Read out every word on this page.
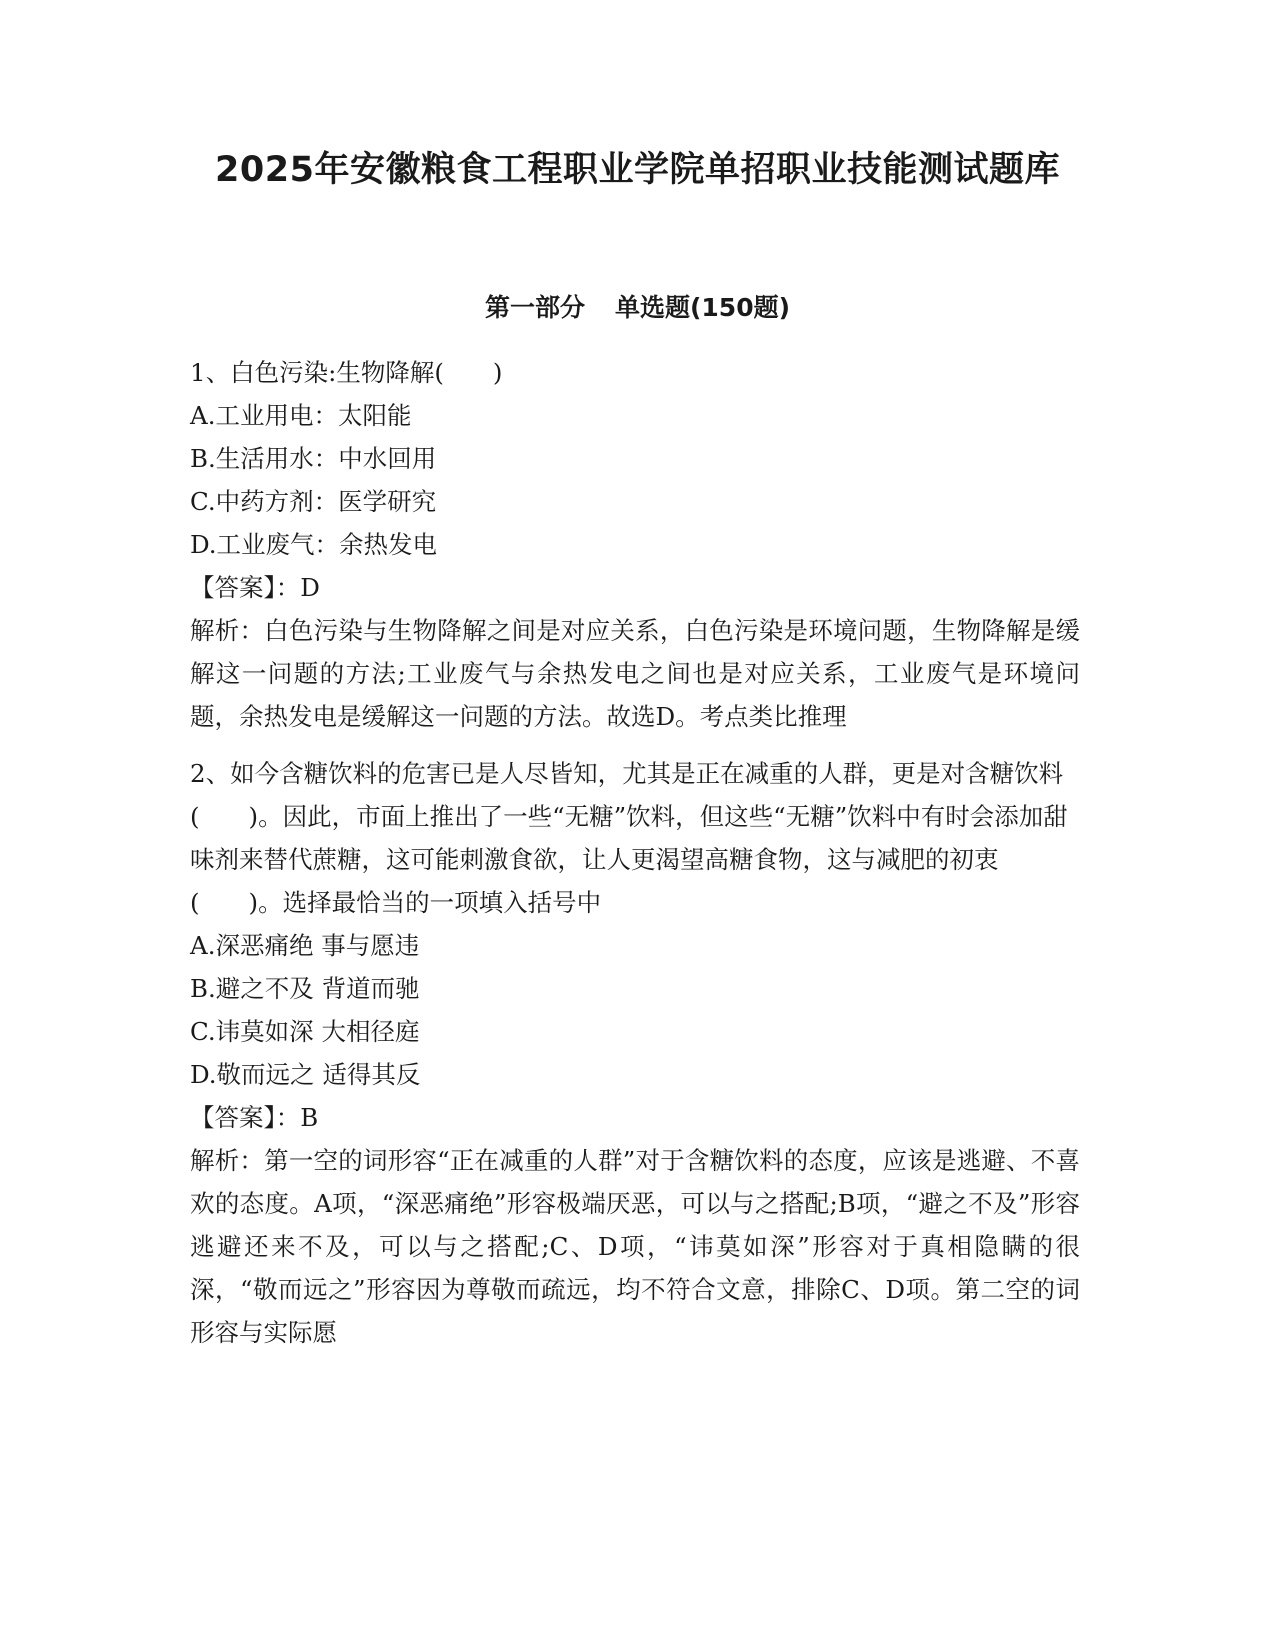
2025年安徽粮食工程职业学院单招职业技能测试题库
第一部分 单选题(150题)

1、白色污染:生物降解(　　)

A.工业用电：太阳能

B.生活用水：中水回用

C.中药方剂：医学研究

D.工业废气：余热发电

【答案】：D

解析：白色污染与生物降解之间是对应关系，白色污染是环境问题，生物降解是缓解这一问题的方法;工业废气与余热发电之间也是对应关系，工业废气是环境问题，余热发电是缓解这一问题的方法。故选D。考点类比推理

2、如今含糖饮料的危害已是人尽皆知，尤其是正在减重的人群，更是对含糖饮料(　　)。因此，市面上推出了一些“无糖”饮料，但这些“无糖”饮料中有时会添加甜味剂来替代蔗糖，这可能刺激食欲，让人更渴望高糖食物，这与减肥的初衷(　　)。选择最恰当的一项填入括号中

A.深恶痛绝 事与愿违

B.避之不及 背道而驰

C.讳莫如深 大相径庭

D.敬而远之 适得其反

【答案】：B

解析：第一空的词形容“正在减重的人群”对于含糖饮料的态度，应该是逃避、不喜欢的态度。A项，“深恶痛绝”形容极端厌恶，可以与之搭配;B项，“避之不及”形容逃避还来不及，可以与之搭配;C、D项，“讳莫如深”形容对于真相隐瞒的很深，“敬而远之”形容因为尊敬而疏远，均不符合文意，排除C、D项。第二空的词形容与实际愿
